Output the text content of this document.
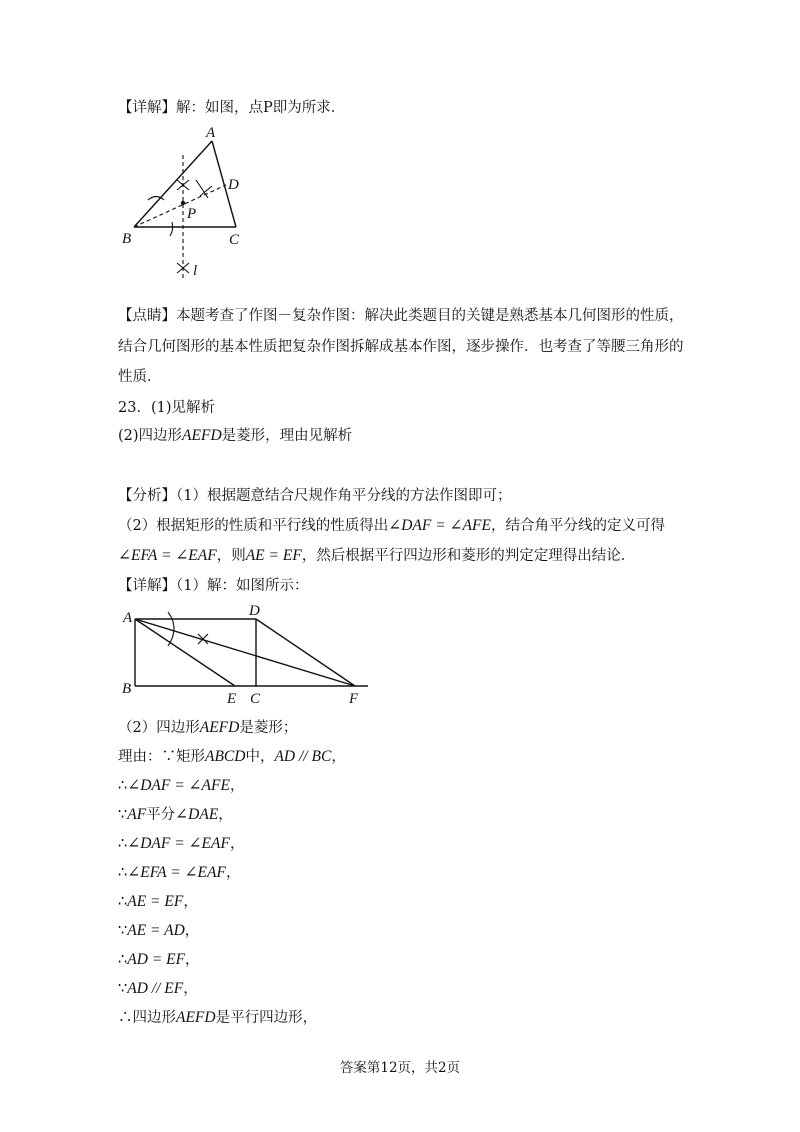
【详解】解：如图，点P即为所求．
A
B	C
D
P
l
【点睛】本题考查了作图－复杂作图：解决此类题目的关键是熟悉基本几何图形的性质，
结合几何图形的基本性质把复杂作图拆解成基本作图，逐步操作．也考查了等腰三角形的
性质．
23．(1)见解析
(2)四边形AEFD是菱形，理由见解析
【分析】（1）根据题意结合尺规作角平分线的方法作图即可；
（2）根据矩形的性质和平行线的性质得出∠DAF = ∠AFE，结合角平分线的定义可得
∠EFA = ∠EAF，则AE = EF，然后根据平行四边形和菱形的判定定理得出结论．
【详解】（1）解：如图所示：
A	D
B
E C	F
（2）四边形AEFD是菱形；
理由：∵矩形ABCD中，AD // BC，
∴∠DAF = ∠AFE，
∵AF平分∠DAE，
∴∠DAF = ∠EAF，
∴∠EFA = ∠EAF，
∴AE = EF，
∵AE = AD，
∴AD = EF，
∵AD // EF，
∴四边形AEFD是平行四边形，
答案第12页，共2页
